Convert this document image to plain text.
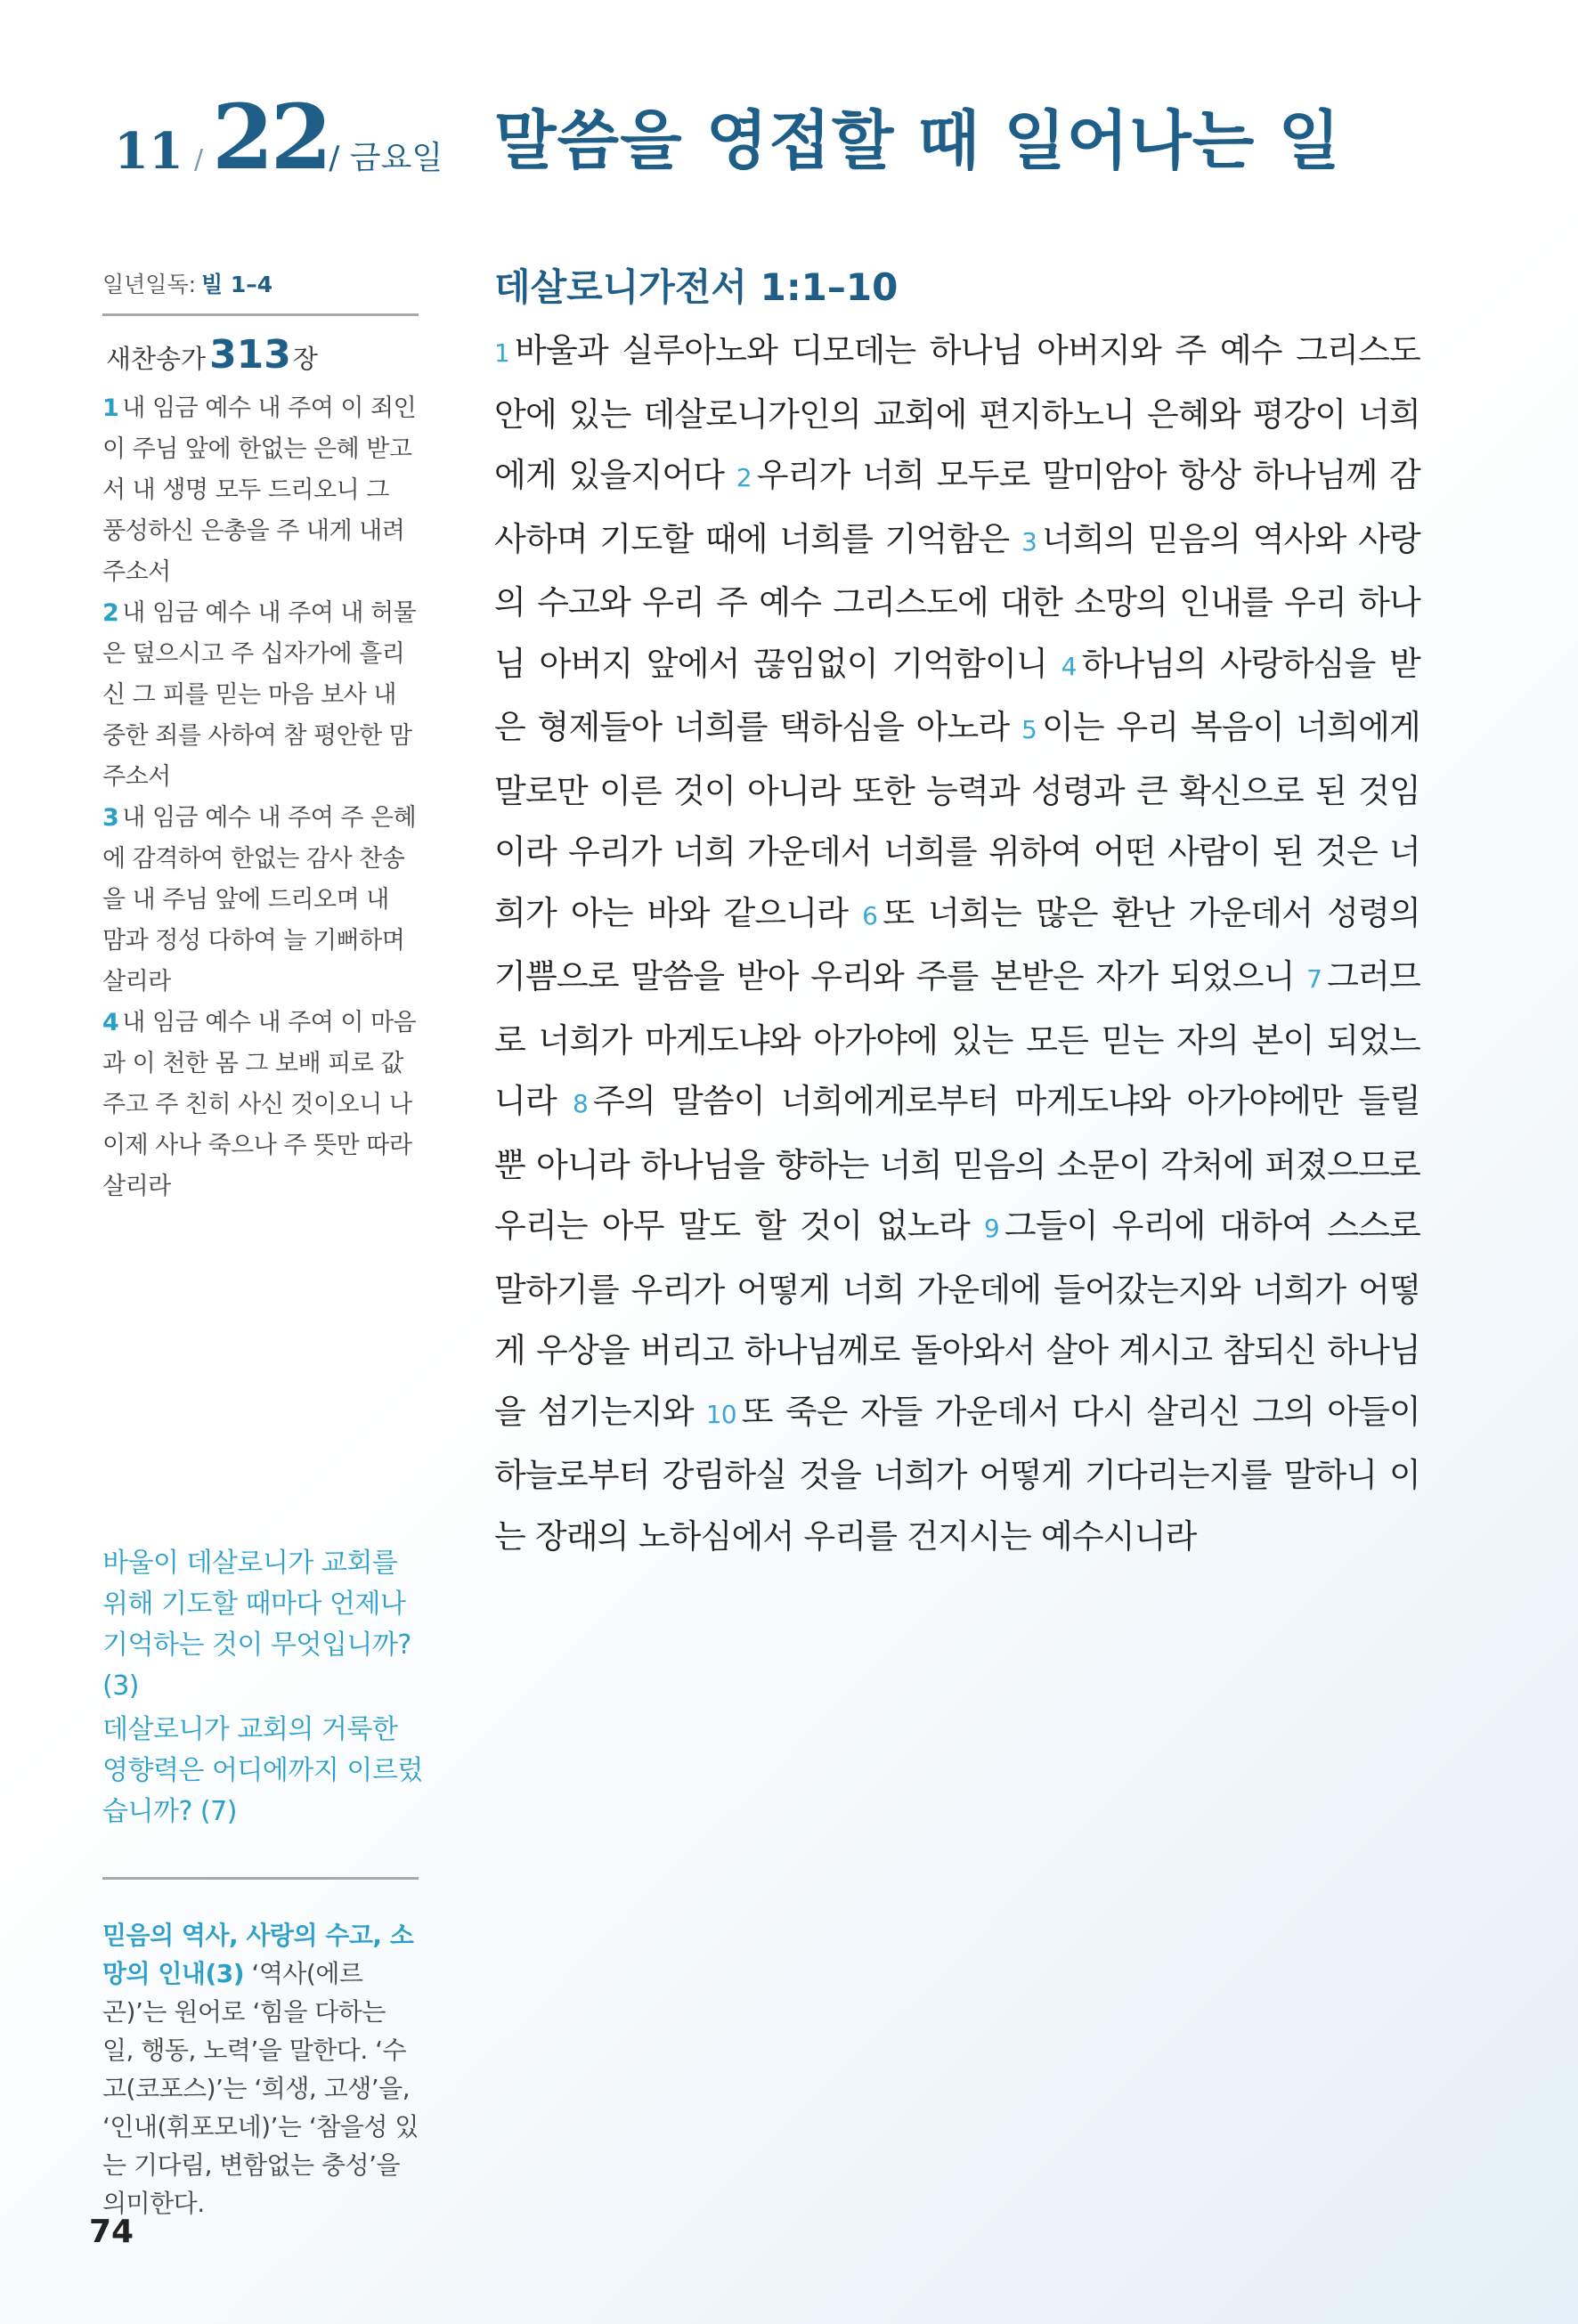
11 / 22 / 금요일 말씀을 영접할 때 일어나는 일
일년일독: 빌 1–4
새찬송가 313 장
1 내 임금 예수 내 주여 이 죄인이 주님 앞에 한없는 은혜 받고서 내 생명 모두 드리오니 그 풍성하신 은총을 주 내게 내려 주소서
2 내 임금 예수 내 주여 내 허물은 덮으시고 주 십자가에 흘리신 그 피를 믿는 마음 보사 내 중한 죄를 사하여 참 평안한 맘 주소서
3 내 임금 예수 내 주여 주 은혜에 감격하여 한없는 감사 찬송을 내 주님 앞에 드리오며 내 맘과 정성 다하여 늘 기뻐하며 살리라
4 내 임금 예수 내 주여 이 마음과 이 천한 몸 그 보배 피로 값 주고 주 친히 사신 것이오니 나 이제 사나 죽으나 주 뜻만 따라 살리라
바울이 데살로니가 교회를 위해 기도할 때마다 언제나 기억하는 것이 무엇입니까? (3)
데살로니가 교회의 거룩한 영향력은 어디에까지 이르렀습니까? (7)
믿음의 역사, 사랑의 수고, 소망의 인내(3) ‘역사(에르곤)’는 원어로 ‘힘을 다하는 일, 행동, 노력’을 말한다. ‘수고(코포스)’는 ‘희생, 고생’을, ‘인내(휘포모네)’는 ‘참을성 있는 기다림, 변함없는 충성’을 의미한다.
74
데살로니가전서 1:1–10
1 바울과 실루아노와 디모데는 하나님 아버지와 주 예수 그리스도 안에 있는 데살로니가인의 교회에 편지하노니 은혜와 평강이 너희에게 있을지어다 2 우리가 너희 모두로 말미암아 항상 하나님께 감사하며 기도할 때에 너희를 기억함은 3 너희의 믿음의 역사와 사랑의 수고와 우리 주 예수 그리스도에 대한 소망의 인내를 우리 하나님 아버지 앞에서 끊임없이 기억함이니 4 하나님의 사랑하심을 받은 형제들아 너희를 택하심을 아노라 5 이는 우리 복음이 너희에게 말로만 이른 것이 아니라 또한 능력과 성령과 큰 확신으로 된 것임이라 우리가 너희 가운데서 너희를 위하여 어떤 사람이 된 것은 너희가 아는 바와 같으니라 6 또 너희는 많은 환난 가운데서 성령의 기쁨으로 말씀을 받아 우리와 주를 본받은 자가 되었으니 7 그러므로 너희가 마게도냐와 아가야에 있는 모든 믿는 자의 본이 되었느니라 8 주의 말씀이 너희에게로부터 마게도냐와 아가야에만 들릴 뿐 아니라 하나님을 향하는 너희 믿음의 소문이 각처에 퍼졌으므로 우리는 아무 말도 할 것이 없노라 9 그들이 우리에 대하여 스스로 말하기를 우리가 어떻게 너희 가운데에 들어갔는지와 너희가 어떻게 우상을 버리고 하나님께로 돌아와서 살아 계시고 참되신 하나님을 섬기는지와 10 또 죽은 자들 가운데서 다시 살리신 그의 아들이 하늘로부터 강림하실 것을 너희가 어떻게 기다리는지를 말하니 이는 장래의 노하심에서 우리를 건지시는 예수시니라
